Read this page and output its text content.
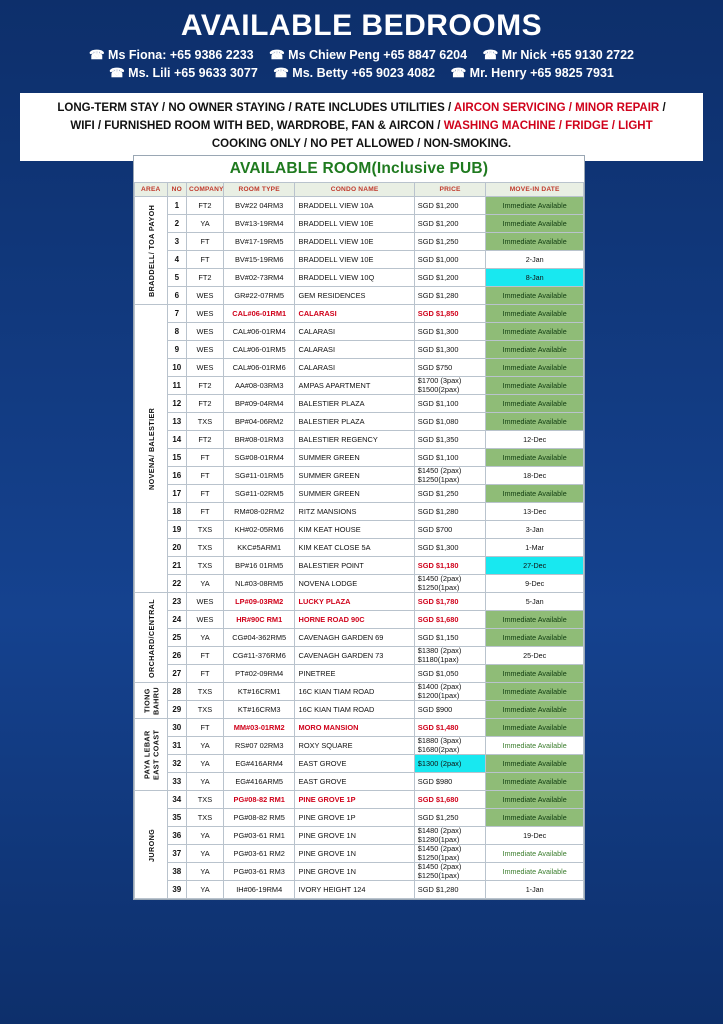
AVAILABLE BEDROOMS
☎ Ms Fiona: +65 9386 2233 ☎ Ms Chiew Peng +65 8847 6204 ☎ Mr Nick +65 9130 2722
☎ Ms. Lili +65 9633 3077 ☎ Ms. Betty +65 9023 4082 ☎ Mr. Henry +65 9825 7931
LONG-TERM STAY / NO OWNER STAYING / RATE INCLUDES UTILITIES / AIRCON SERVICING / MINOR REPAIR /
WIFI / FURNISHED ROOM WITH BED, WARDROBE, FAN & AIRCON / WASHING MACHINE / FRIDGE / LIGHT
COOKING ONLY / NO PET ALLOWED / NON-SMOKING.
AVAILABLE ROOM(Inclusive PUB)
AREA	NO	COMPANY	ROOM TYPE	CONDO NAME	PRICE	MOVE-IN DATE
BRADDELL/ TOA PAYOH	1	FT2	BV#22 04RM3	BRADDELL VIEW 10A	SGD $1,200	Immediate Available
	2	YA	BV#13-19RM4	BRADDELL VIEW 10E	SGD $1,200	Immediate Available
	3	FT	BV#17-19RM5	BRADDELL VIEW 10E	SGD $1,250	Immediate Available
	4	FT	BV#15-19RM6	BRADDELL VIEW 10E	SGD $1,000	2-Jan
	5	FT2	BV#02-73RM4	BRADDELL VIEW 10Q	SGD $1,200	8-Jan
	6	WES	GR#22-07RM5	GEM RESIDENCES	SGD $1,280	Immediate Available
NOVENA/ BALESTIER	7	WES	CAL#06-01RM1	CALARASI	SGD $1,850	Immediate Available
	8	WES	CAL#06-01RM4	CALARASI	SGD $1,300	Immediate Available
	9	WES	CAL#06-01RM5	CALARASI	SGD $1,300	Immediate Available
	10	WES	CAL#06-01RM6	CALARASI	SGD $750	Immediate Available
	11	FT2	AA#08-03RM3	AMPAS APARTMENT	$1700 (3pax)
$1500(2pax)	Immediate Available
	12	FT2	BP#09-04RM4	BALESTIER PLAZA	SGD $1,100	Immediate Available
	13	TXS	BP#04-06RM2	BALESTIER PLAZA	SGD $1,080	Immediate Available
	14	FT2	BR#08-01RM3	BALESTIER REGENCY	SGD $1,350	12-Dec
	15	FT	SG#08-01RM4	SUMMER GREEN	SGD $1,100	Immediate Available
	16	FT	SG#11-01RM5	SUMMER GREEN	$1450 (2pax)
$1250(1pax)	18-Dec
	17	FT	SG#11-02RM5	SUMMER GREEN	SGD $1,250	Immediate Available
	18	FT	RM#08-02RM2	RITZ MANSIONS	SGD $1,280	13-Dec
	19	TXS	KH#02-05RM6	KIM KEAT HOUSE	SGD $700	3-Jan
	20	TXS	KKC#5ARM1	KIM KEAT CLOSE 5A	SGD $1,300	1-Mar
	21	TXS	BP#16 01RM5	BALESTIER POINT	SGD $1,180	27-Dec
	22	YA	NL#03-08RM5	NOVENA LODGE	$1450 (2pax)
$1250(1pax)	9-Dec
ORCHARD/CENTRAL	23	WES	LP#09-03RM2	LUCKY PLAZA	SGD $1,780	5-Jan
	24	WES	HR#90C RM1	HORNE ROAD 90C	SGD $1,680	Immediate Available
	25	YA	CG#04-362RM5	CAVENAGH GARDEN 69	SGD $1,150	Immediate Available
	26	FT	CG#11-376RM6	CAVENAGH GARDEN 73	$1380 (2pax)
$1180(1pax)	25-Dec
	27	FT	PT#02-09RM4	PINETREE	SGD $1,050	Immediate Available
TIONG BAHRU	28	TXS	KT#16CRM1	16C KIAN TIAM ROAD	$1400 (2pax)
$1200(1pax)	Immediate Available
	29	TXS	KT#16CRM3	16C KIAN TIAM ROAD	SGD $900	Immediate Available
PAYA LEBAR EAST COAST	30	FT	MM#03-01RM2	MORO MANSION	SGD $1,480	Immediate Available
	31	YA	RS#07 02RM3	ROXY SQUARE	$1880 (3pax)
$1680(2pax)	Immediate Available
	32	YA	EG#416ARM4	EAST GROVE	$1300 (2pax)	Immediate Available
	33	YA	EG#416ARM5	EAST GROVE	SGD $980	Immediate Available
JURONG	34	TXS	PG#08-82 RM1	PINE GROVE 1P	SGD $1,680	Immediate Available
	35	TXS	PG#08-82 RM5	PINE GROVE 1P	SGD $1,250	Immediate Available
	36	YA	PG#03-61 RM1	PINE GROVE 1N	$1480 (2pax)
$1280(1pax)	19-Dec
	37	YA	PG#03-61 RM2	PINE GROVE 1N	$1450 (2pax)
$1250(1pax)	Immediate Available
	38	YA	PG#03-61 RM3	PINE GROVE 1N	$1450 (2pax)
$1250(1pax)	Immediate Available
	39	YA	IH#06-19RM4	IVORY HEIGHT 124	SGD $1,280	1-Jan
